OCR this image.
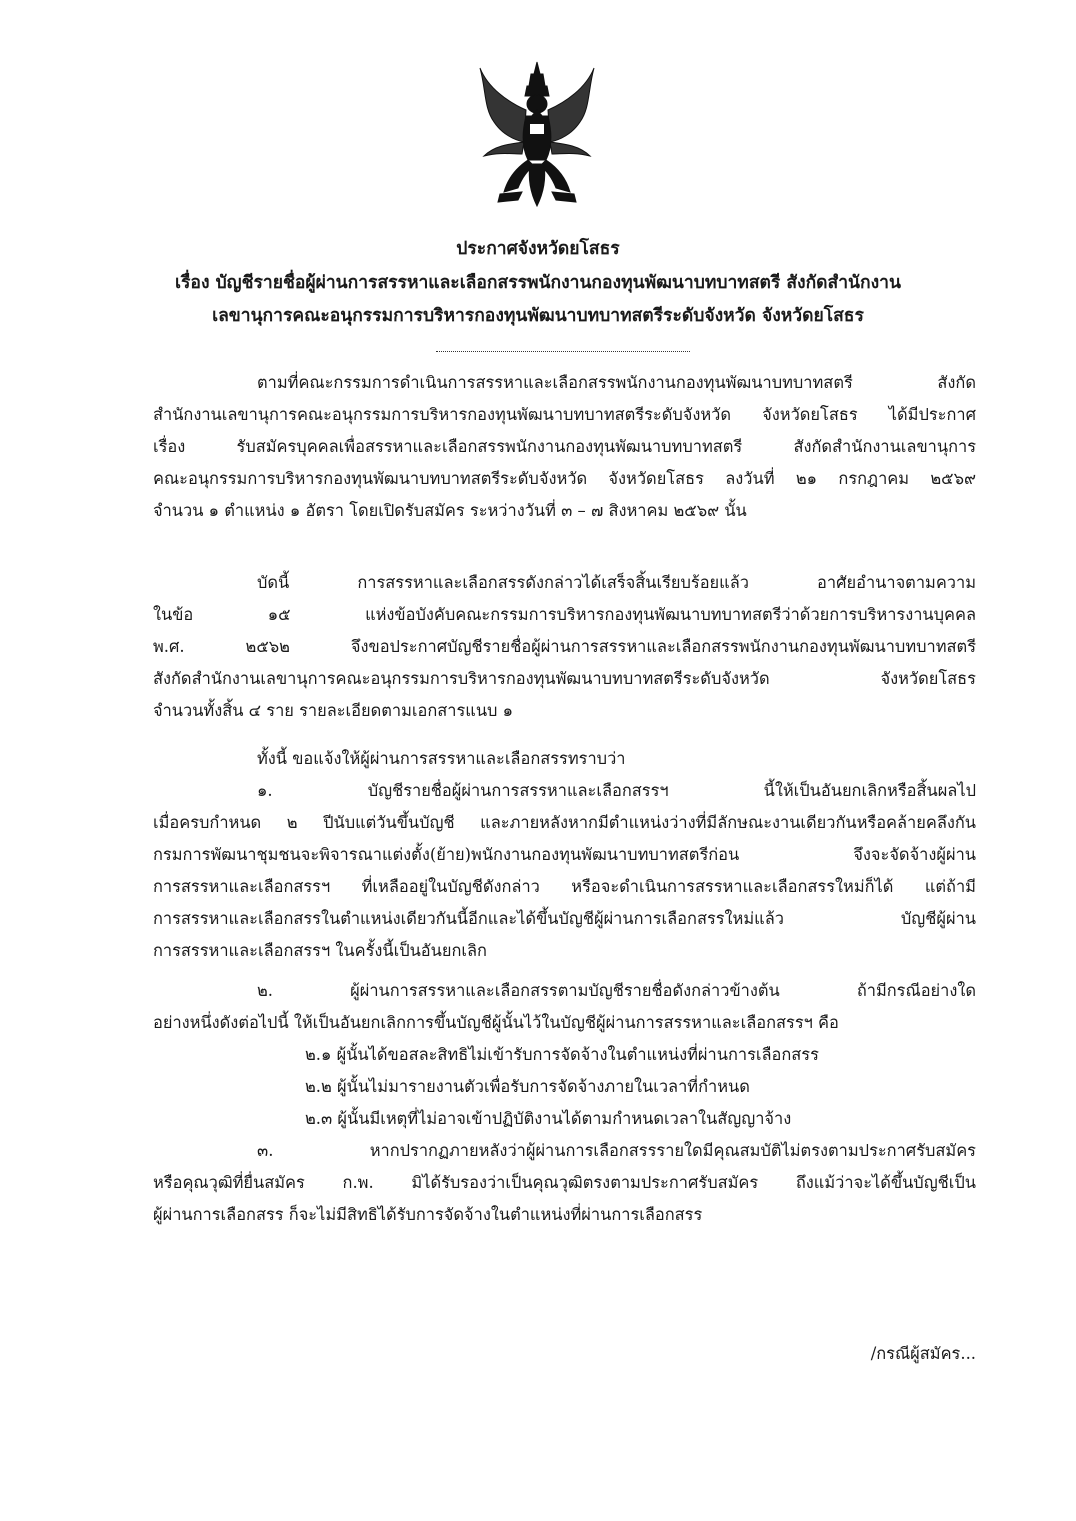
ประกาศจังหวัดยโสธร
เรื่อง บัญชีรายชื่อผู้ผ่านการสรรหาและเลือกสรรพนักงานกองทุนพัฒนาบทบาทสตรี สังกัดสำนักงาน
เลขานุการคณะอนุกรรมการบริหารกองทุนพัฒนาบทบาทสตรีระดับจังหวัด จังหวัดยโสธร
ตามที่คณะกรรมการดำเนินการสรรหาและเลือกสรรพนักงานกองทุนพัฒนาบทบาทสตรี สังกัด
สำนักงานเลขานุการคณะอนุกรรมการบริหารกองทุนพัฒนาบทบาทสตรีระดับจังหวัด จังหวัดยโสธร ได้มีประกาศ
เรื่อง รับสมัครบุคคลเพื่อสรรหาและเลือกสรรพนักงานกองทุนพัฒนาบทบาทสตรี สังกัดสำนักงานเลขานุการ
คณะอนุกรรมการบริหารกองทุนพัฒนาบทบาทสตรีระดับจังหวัด จังหวัดยโสธร ลงวันที่ ๒๑ กรกฎาคม ๒๕๖๙
จำนวน ๑ ตำแหน่ง ๑ อัตรา โดยเปิดรับสมัคร ระหว่างวันที่ ๓ – ๗ สิงหาคม ๒๕๖๙ นั้น
บัดนี้ การสรรหาและเลือกสรรดังกล่าวได้เสร็จสิ้นเรียบร้อยแล้ว อาศัยอำนาจตามความ
ในข้อ ๑๕ แห่งข้อบังคับคณะกรรมการบริหารกองทุนพัฒนาบทบาทสตรีว่าด้วยการบริหารงานบุคคล
พ.ศ. ๒๕๖๒ จึงขอประกาศบัญชีรายชื่อผู้ผ่านการสรรหาและเลือกสรรพนักงานกองทุนพัฒนาบทบาทสตรี
สังกัดสำนักงานเลขานุการคณะอนุกรรมการบริหารกองทุนพัฒนาบทบาทสตรีระดับจังหวัด จังหวัดยโสธร
จำนวนทั้งสิ้น ๔ ราย รายละเอียดตามเอกสารแนบ ๑
ทั้งนี้ ขอแจ้งให้ผู้ผ่านการสรรหาและเลือกสรรทราบว่า
๑. บัญชีรายชื่อผู้ผ่านการสรรหาและเลือกสรรฯ นี้ให้เป็นอันยกเลิกหรือสิ้นผลไป
เมื่อครบกำหนด ๒ ปีนับแต่วันขึ้นบัญชี และภายหลังหากมีตำแหน่งว่างที่มีลักษณะงานเดียวกันหรือคล้ายคลึงกัน
กรมการพัฒนาชุมชนจะพิจารณาแต่งตั้ง(ย้าย)พนักงานกองทุนพัฒนาบทบาทสตรีก่อน จึงจะจัดจ้างผู้ผ่าน
การสรรหาและเลือกสรรฯ ที่เหลืออยู่ในบัญชีดังกล่าว หรือจะดำเนินการสรรหาและเลือกสรรใหม่ก็ได้ แต่ถ้ามี
การสรรหาและเลือกสรรในตำแหน่งเดียวกันนี้อีกและได้ขึ้นบัญชีผู้ผ่านการเลือกสรรใหม่แล้ว บัญชีผู้ผ่าน
การสรรหาและเลือกสรรฯ ในครั้งนี้เป็นอันยกเลิก
๒. ผู้ผ่านการสรรหาและเลือกสรรตามบัญชีรายชื่อดังกล่าวข้างต้น ถ้ามีกรณีอย่างใด
อย่างหนึ่งดังต่อไปนี้ ให้เป็นอันยกเลิกการขึ้นบัญชีผู้นั้นไว้ในบัญชีผู้ผ่านการสรรหาและเลือกสรรฯ คือ
๒.๑ ผู้นั้นได้ขอสละสิทธิไม่เข้ารับการจัดจ้างในตำแหน่งที่ผ่านการเลือกสรร
๒.๒ ผู้นั้นไม่มารายงานตัวเพื่อรับการจัดจ้างภายในเวลาที่กำหนด
๒.๓ ผู้นั้นมีเหตุที่ไม่อาจเข้าปฏิบัติงานได้ตามกำหนดเวลาในสัญญาจ้าง
๓. หากปรากฏภายหลังว่าผู้ผ่านการเลือกสรรรายใดมีคุณสมบัติไม่ตรงตามประกาศรับสมัคร
หรือคุณวุฒิที่ยื่นสมัคร ก.พ. มิได้รับรองว่าเป็นคุณวุฒิตรงตามประกาศรับสมัคร ถึงแม้ว่าจะได้ขึ้นบัญชีเป็น
ผู้ผ่านการเลือกสรร ก็จะไม่มีสิทธิได้รับการจัดจ้างในตำแหน่งที่ผ่านการเลือกสรร
/กรณีผู้สมัคร...
